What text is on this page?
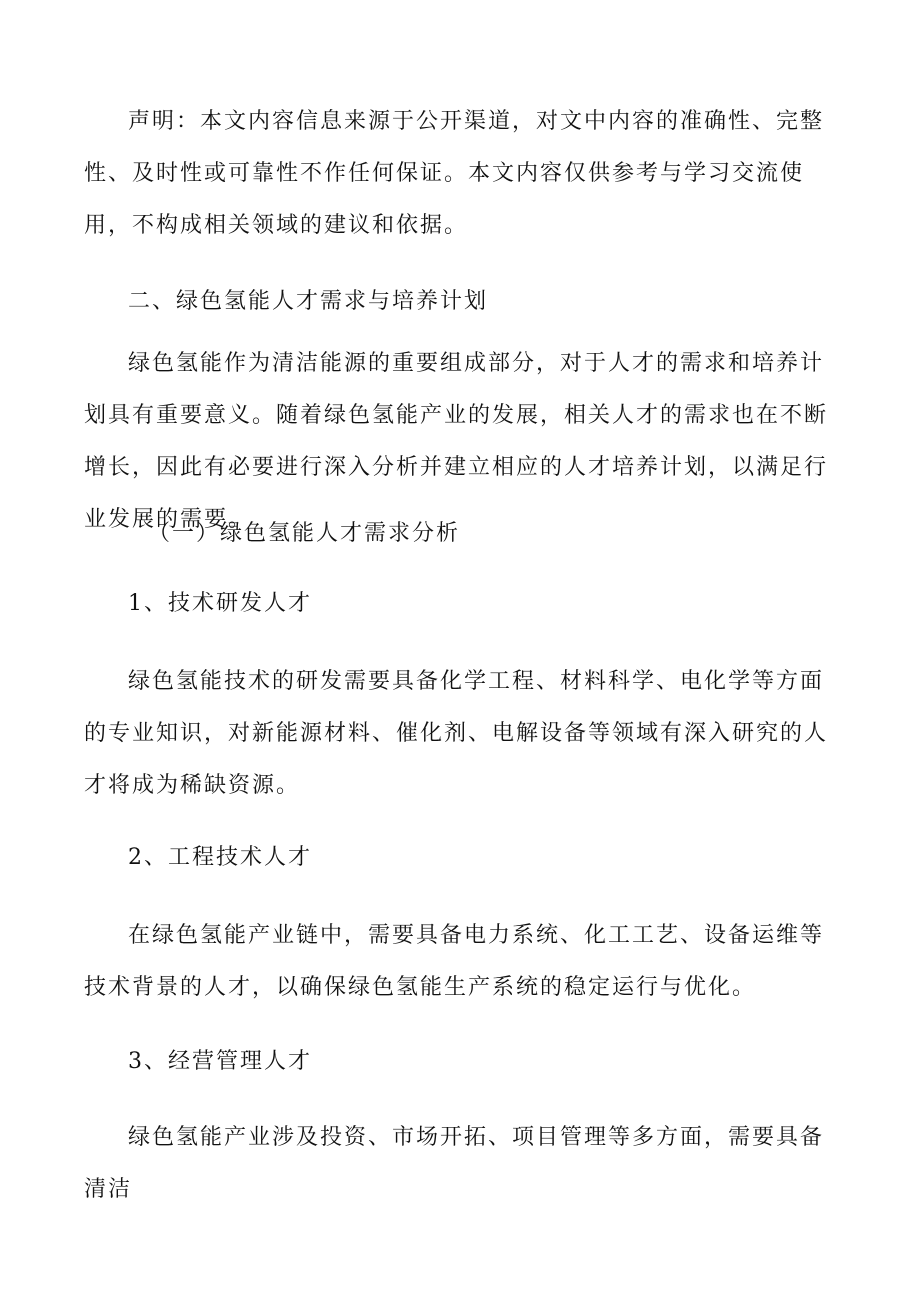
声明：本文内容信息来源于公开渠道，对文中内容的准确性、完整性、及时性或可靠性不作任何保证。本文内容仅供参考与学习交流使用，不构成相关领域的建议和依据。

二、绿色氢能人才需求与培养计划

绿色氢能作为清洁能源的重要组成部分，对于人才的需求和培养计划具有重要意义。随着绿色氢能产业的发展，相关人才的需求也在不断增长，因此有必要进行深入分析并建立相应的人才培养计划，以满足行业发展的需要。

（一）绿色氢能人才需求分析

1、技术研发人才

绿色氢能技术的研发需要具备化学工程、材料科学、电化学等方面的专业知识，对新能源材料、催化剂、电解设备等领域有深入研究的人才将成为稀缺资源。

2、工程技术人才

在绿色氢能产业链中，需要具备电力系统、化工工艺、设备运维等技术背景的人才，以确保绿色氢能生产系统的稳定运行与优化。

3、经营管理人才

绿色氢能产业涉及投资、市场开拓、项目管理等多方面，需要具备清洁
